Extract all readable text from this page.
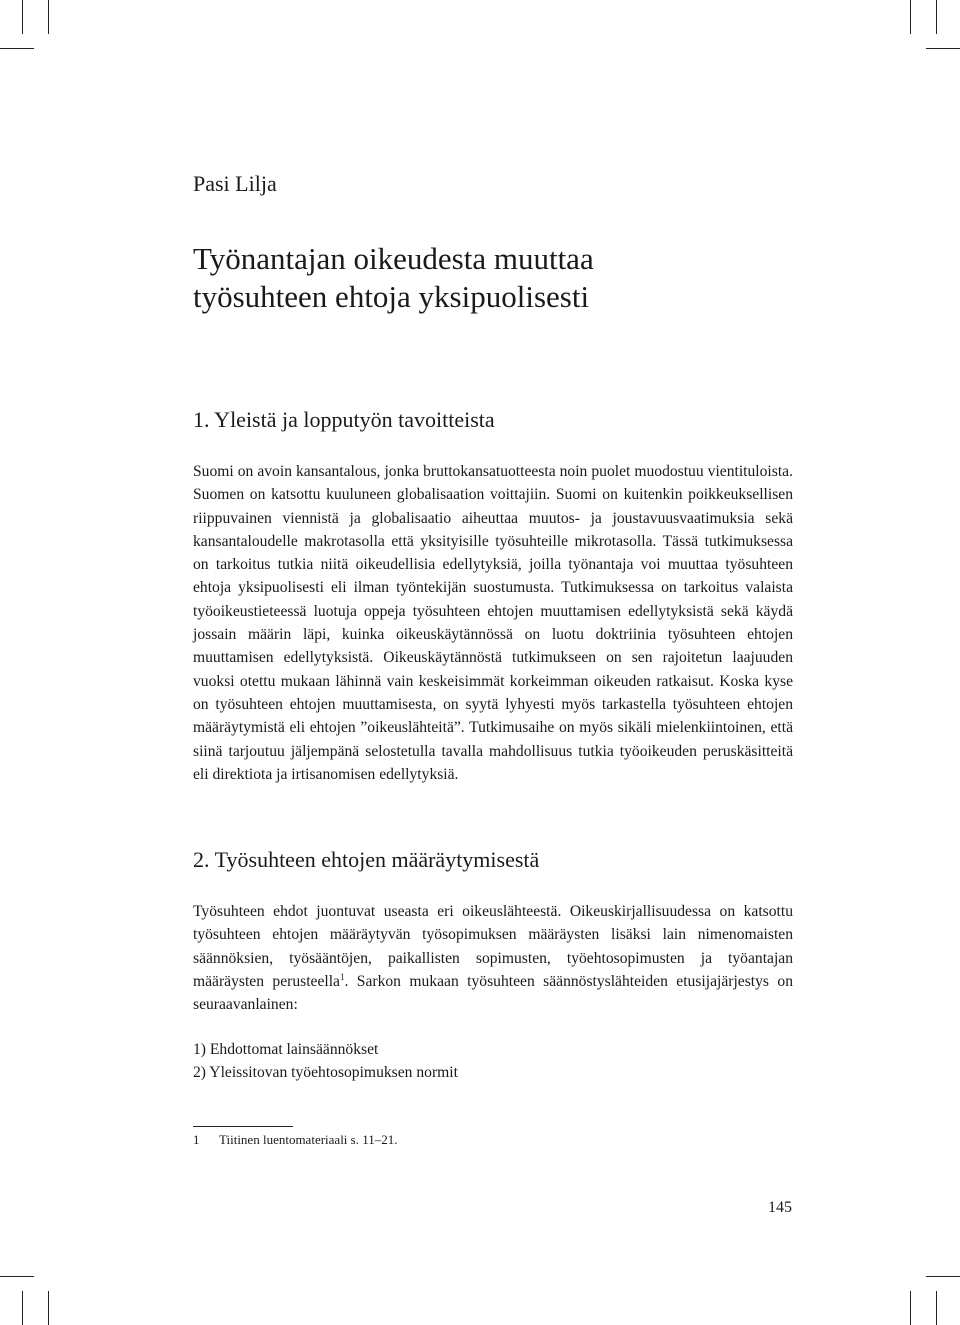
Pasi Lilja

Työnantajan oikeudesta muuttaa
työsuhteen ehtoja yksipuolisesti
1. Yleistä ja lopputyön tavoitteista

Suomi on avoin kansantalous, jonka bruttokansatuotteesta noin puolet muodostuu vientituloista. Suomen on katsottu kuuluneen globalisaation voittajiin. Suomi on kuitenkin poikkeuksellisen riippuvainen viennistä ja globalisaatio aiheuttaa muutos- ja joustavuusvaatimuksia sekä kansantaloudelle makrotasolla että yksityisille työsuhteille mikrotasolla. Tässä tutkimuksessa on tarkoitus tutkia niitä oikeudellisia edellytyksiä, joilla työnantaja voi muuttaa työsuhteen ehtoja yksipuolisesti eli ilman työntekijän suostumusta. Tutkimuksessa on tarkoitus valaista työoikeustieteessä luotuja oppeja työsuhteen ehtojen muuttamisen edellytyksistä sekä käydä jossain määrin läpi, kuinka oikeuskäytännössä on luotu doktriinia työsuhteen ehtojen muuttamisen edellytyksistä. Oikeuskäytännöstä tutkimukseen on sen rajoitetun laajuuden vuoksi otettu mukaan lähinnä vain keskeisimmät korkeimman oikeuden ratkaisut. Koska kyse on työsuhteen ehtojen muuttamisesta, on syytä lyhyesti myös tarkastella työsuhteen ehtojen määräytymistä eli ehtojen ”oikeuslähteitä”. Tutkimusaihe on myös sikäli mielenkiintoinen, että siinä tarjoutuu jäljempänä selostetulla tavalla mahdollisuus tutkia työoikeuden peruskäsitteitä eli direktiota ja irtisanomisen edellytyksiä.

2. Työsuhteen ehtojen määräytymisestä

Työsuhteen ehdot juontuvat useasta eri oikeuslähteestä. Oikeuskirjallisuudessa on katsottu työsuhteen ehtojen määräytyvän työsopimuksen määräysten lisäksi lain nimenomaisten säännöksien, työsääntöjen, paikallisten sopimusten, työehtosopimusten ja työantajan määräysten perusteella$^1$. Sarkon mukaan työsuhteen säännöstyslähteiden etusijajärjestys on seuraavanlainen:

1) Ehdottomat lainsäännökset
2) Yleissitovan työehtosopimuksen normit

1 Tiitinen luentomateriaali s. 11–21.

145
